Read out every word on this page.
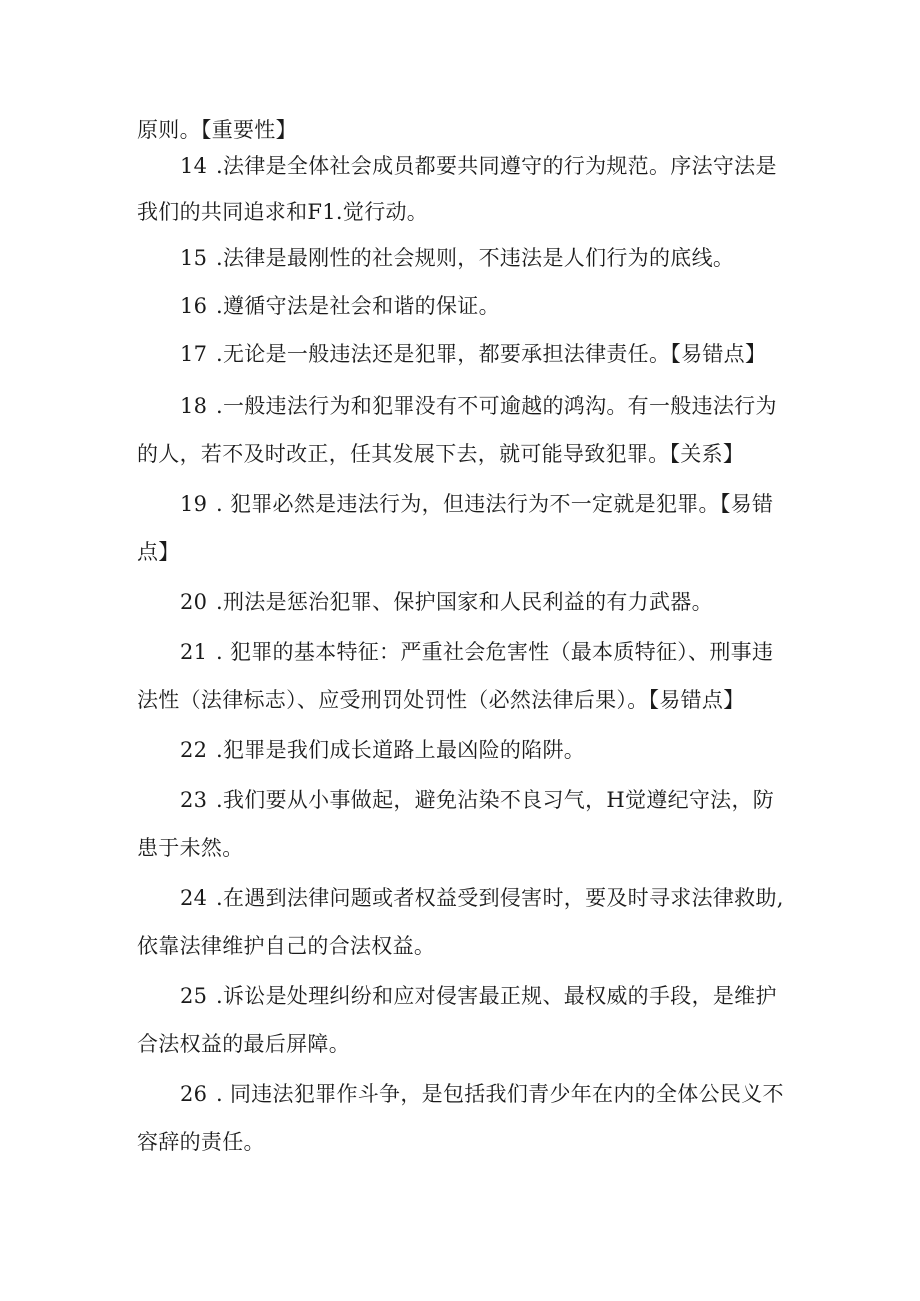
原则。【重要性】
14 .法律是全体社会成员都要共同遵守的行为规范。序法守法是
我们的共同追求和F1.觉行动。
15 .法律是最刚性的社会规则，不违法是人们行为的底线。
16 .遵循守法是社会和谐的保证。
17 .无论是一般违法还是犯罪，都要承担法律责任。【易错点】
18 .一般违法行为和犯罪没有不可逾越的鸿沟。有一般违法行为
的人，若不及时改正，任其发展下去，就可能导致犯罪。【关系】
19 . 犯罪必然是违法行为，但违法行为不一定就是犯罪。【易错
点】
20 .刑法是惩治犯罪、保护国家和人民利益的有力武器。
21 . 犯罪的基本特征：严重社会危害性（最本质特征）、刑事违
法性（法律标志）、应受刑罚处罚性（必然法律后果）。【易错点】
22 .犯罪是我们成长道路上最凶险的陷阱。
23 .我们要从小事做起，避免沾染不良习气，H觉遵纪守法，防
患于未然。
24 .在遇到法律问题或者权益受到侵害时，要及时寻求法律救助,
依靠法律维护自己的合法权益。
25 .诉讼是处理纠纷和应对侵害最正规、最权威的手段，是维护
合法权益的最后屏障。
26 . 同违法犯罪作斗争，是包括我们青少年在内的全体公民义不
容辞的责任。
